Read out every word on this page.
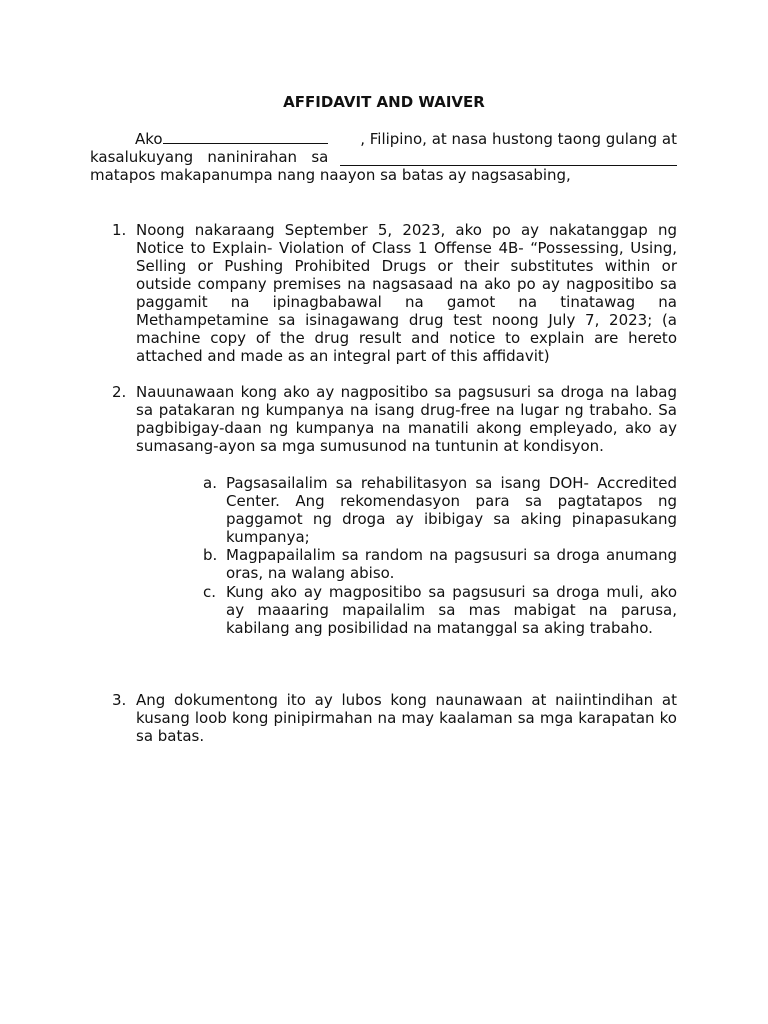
AFFIDAVIT AND WAIVER
Ako	, Filipino, at nasa hustong taong gulang at
kasalukuyang   naninirahan   sa
matapos makapanumpa nang naayon sa batas ay nagsasabing,
1. Noong nakaraang September 5, 2023, ako po ay nakatanggap ng Notice to Explain- Violation of Class 1 Offense 4B- “Possessing, Using, Selling or Pushing Prohibited Drugs or their substitutes within or outside company premises na nagsasaad na ako po ay nagpositibo sa paggamit na ipinagbabawal na gamot na tinatawag na Methampetamine sa isinagawang drug test noong July 7, 2023; (a machine copy of the drug result and notice to explain are hereto attached and made as an integral part of this affidavit)
2. Nauunawaan kong ako ay nagpositibo sa pagsusuri sa droga na labag sa patakaran ng kumpanya na isang drug-free na lugar ng trabaho. Sa pagbibigay-daan ng kumpanya na manatili akong empleyado, ako ay sumasang-ayon sa mga sumusunod na tuntunin at kondisyon.
a. Pagsasailalim sa rehabilitasyon sa isang DOH- Accredited Center. Ang rekomendasyon para sa pagtatapos ng paggamot ng droga ay ibibigay sa aking pinapasukang kumpanya;
b. Magpapailalim sa random na pagsusuri sa droga anumang oras, na walang abiso.
c. Kung ako ay magpositibo sa pagsusuri sa droga muli, ako ay maaaring mapailalim sa mas mabigat na parusa, kabilang ang posibilidad na matanggal sa aking trabaho.
3. Ang dokumentong ito ay lubos kong naunawaan at naiintindihan at kusang loob kong pinipirmahan na may kaalaman sa mga karapatan ko sa batas.
